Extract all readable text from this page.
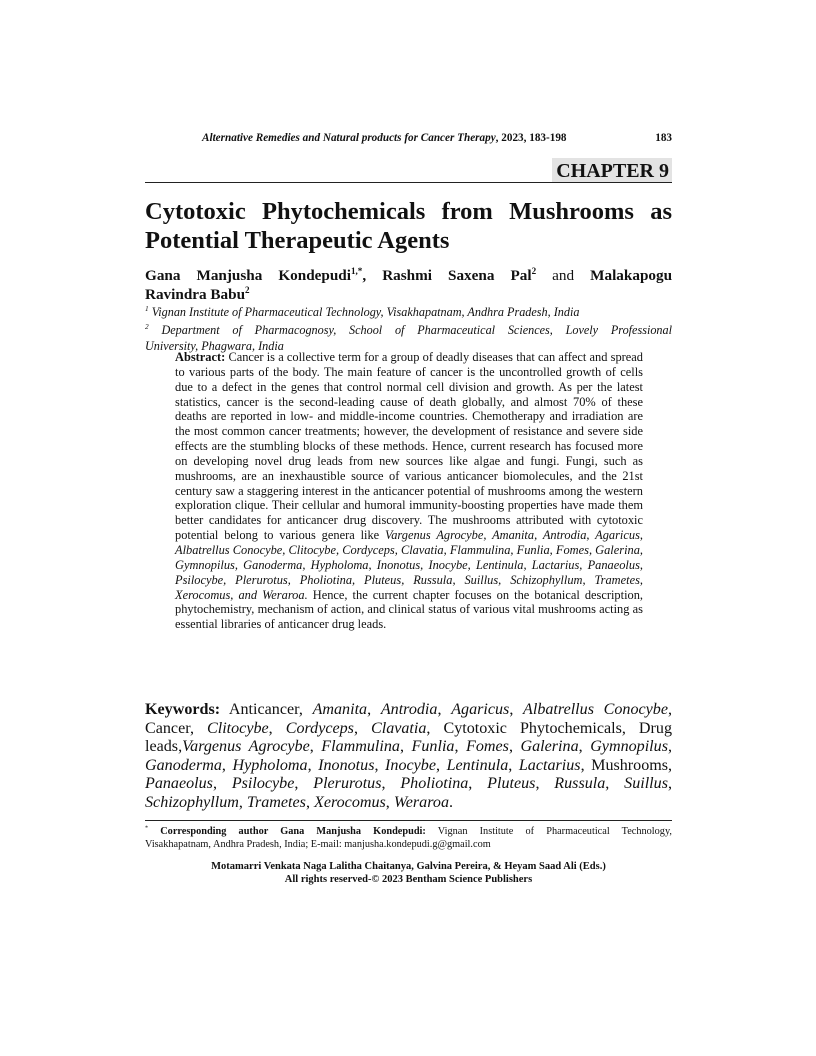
Alternative Remedies and Natural products for Cancer Therapy, 2023, 183-198	183
CHAPTER 9
Cytotoxic Phytochemicals from Mushrooms as
Potential Therapeutic Agents
Gana Manjusha Kondepudi$^{1,*}$, Rashmi Saxena Pal$^2$ and Malakapogu
Ravindra Babu$^2$
$^1$ Vignan Institute of Pharmaceutical Technology, Visakhapatnam, Andhra Pradesh, India
$^2$ Department of Pharmacognosy, School of Pharmaceutical Sciences, Lovely Professional
University, Phagwara, India
Abstract: Cancer is a collective term for a group of deadly diseases that can affect and spread to various parts of the body. The main feature of cancer is the uncontrolled growth of cells due to a defect in the genes that control normal cell division and growth. As per the latest statistics, cancer is the second-leading cause of death globally, and almost 70% of these deaths are reported in low- and middle-income countries. Chemotherapy and irradiation are the most common cancer treatments; however, the development of resistance and severe side effects are the stumbling blocks of these methods. Hence, current research has focused more on developing novel drug leads from new sources like algae and fungi. Fungi, such as mushrooms, are an inexhaustible source of various anticancer biomolecules, and the 21st century saw a staggering interest in the anticancer potential of mushrooms among the western exploration clique. Their cellular and humoral immunity-boosting properties have made them better candidates for anticancer drug discovery. The mushrooms attributed with cytotoxic potential belong to various genera like Vargenus Agrocybe, Amanita, Antrodia, Agaricus, Albatrellus Conocybe, Clitocybe, Cordyceps, Clavatia, Flammulina, Funlia, Fomes, Galerina, Gymnopilus, Ganoderma, Hypholoma, Inonotus, Inocybe, Lentinula, Lactarius, Panaeolus, Psilocybe, Plerurotus, Pholiotina, Pluteus, Russula, Suillus, Schizophyllum, Trametes, Xerocomus, and Weraroa. Hence, the current chapter focuses on the botanical description, phytochemistry, mechanism of action, and clinical status of various vital mushrooms acting as essential libraries of anticancer drug leads.
Keywords: Anticancer, Amanita, Antrodia, Agaricus, Albatrellus Conocybe, Cancer, Clitocybe, Cordyceps, Clavatia, Cytotoxic Phytochemicals, Drug leads,Vargenus Agrocybe, Flammulina, Funlia, Fomes, Galerina, Gymnopilus, Ganoderma, Hypholoma, Inonotus, Inocybe, Lentinula, Lactarius, Mushrooms, Panaeolus, Psilocybe, Plerurotus, Pholiotina, Pluteus, Russula, Suillus, Schizophyllum, Trametes, Xerocomus, Weraroa.
* Corresponding author Gana Manjusha Kondepudi: Vignan Institute of Pharmaceutical Technology,
Visakhapatnam, Andhra Pradesh, India; E-mail: manjusha.kondepudi.g@gmail.com
Motamarri Venkata Naga Lalitha Chaitanya, Galvina Pereira, & Heyam Saad Ali (Eds.)
All rights reserved-© 2023 Bentham Science Publishers
